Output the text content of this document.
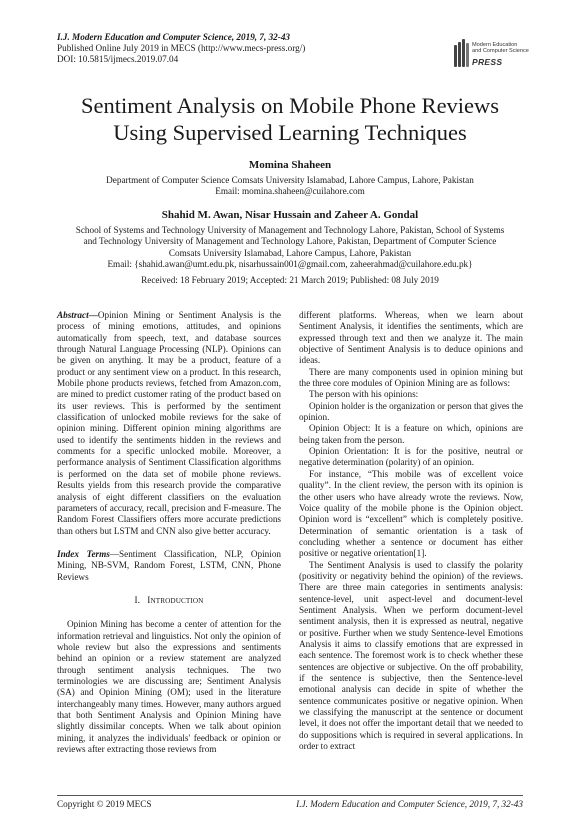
I.J. Modern Education and Computer Science, 2019, 7, 32-43
Published Online July 2019 in MECS (http://www.mecs-press.org/)
DOI: 10.5815/ijmecs.2019.07.04
Modern Education
and Computer Science
PRESS
Sentiment Analysis on Mobile Phone Reviews
Using Supervised Learning Techniques
Momina Shaheen
Department of Computer Science Comsats University Islamabad, Lahore Campus, Lahore, Pakistan
Email: momina.shaheen@cuilahore.com
Shahid M. Awan, Nisar Hussain and Zaheer A. Gondal
School of Systems and Technology University of Management and Technology Lahore, Pakistan, School of Systems
and Technology University of Management and Technology Lahore, Pakistan, Department of Computer Science
Comsats University Islamabad, Lahore Campus, Lahore, Pakistan
Email: {shahid.awan@umt.edu.pk, nisarhussain001@gmail.com, zaheerahmad@cuilahore.edu.pk}
Received: 18 February 2019; Accepted: 21 March 2019; Published: 08 July 2019

Abstract—Opinion Mining or Sentiment Analysis is the process of mining emotions, attitudes, and opinions automatically from speech, text, and database sources through Natural Language Processing (NLP). Opinions can be given on anything. It may be a product, feature of a product or any sentiment view on a product. In this research, Mobile phone products reviews, fetched from Amazon.com, are mined to predict customer rating of the product based on its user reviews. This is performed by the sentiment classification of unlocked mobile reviews for the sake of opinion mining. Different opinion mining algorithms are used to identify the sentiments hidden in the reviews and comments for a specific unlocked mobile. Moreover, a performance analysis of Sentiment Classification algorithms is performed on the data set of mobile phone reviews. Results yields from this research provide the comparative analysis of eight different classifiers on the evaluation parameters of accuracy, recall, precision and F-measure. The Random Forest Classifiers offers more accurate predictions than others but LSTM and CNN also give better accuracy.

Index Terms—Sentiment Classification, NLP, Opinion Mining, NB-SVM, Random Forest, LSTM, CNN, Phone Reviews

I. INTRODUCTION

Opinion Mining has become a center of attention for the information retrieval and linguistics. Not only the opinion of whole review but also the expressions and sentiments behind an opinion or a review statement are analyzed through sentiment analysis techniques. The two terminologies we are discussing are; Sentiment Analysis (SA) and Opinion Mining (OM); used in the literature interchangeably many times. However, many authors argued that both Sentiment Analysis and Opinion Mining have slightly dissimilar concepts. When we talk about opinion mining, it analyzes the individuals' feedback or opinion or reviews after extracting those reviews from

different platforms. Whereas, when we learn about Sentiment Analysis, it identifies the sentiments, which are expressed through text and then we analyze it. The main objective of Sentiment Analysis is to deduce opinions and ideas.

There are many components used in opinion mining but the three core modules of Opinion Mining are as follows:

The person with his opinions:

Opinion holder is the organization or person that gives the opinion.

Opinion Object: It is a feature on which, opinions are being taken from the person.

Opinion Orientation: It is for the positive, neutral or negative determination (polarity) of an opinion.

For instance, “This mobile was of excellent voice quality”. In the client review, the person with its opinion is the other users who have already wrote the reviews. Now, Voice quality of the mobile phone is the Opinion object. Opinion word is “excellent” which is completely positive. Determination of semantic orientation is a task of concluding whether a sentence or document has either positive or negative orientation[1].

The Sentiment Analysis is used to classify the polarity (positivity or negativity behind the opinion) of the reviews. There are three main categories in sentiments analysis: sentence-level, unit aspect-level and document-level Sentiment Analysis. When we perform document-level sentiment analysis, then it is expressed as neutral, negative or positive. Further when we study Sentence-level Emotions Analysis it aims to classify emotions that are expressed in each sentence. The foremost work is to check whether these sentences are objective or subjective. On the off probability, if the sentence is subjective, then the Sentence-level emotional analysis can decide in spite of whether the sentence communicates positive or negative opinion. When we classifying the manuscript at the sentence or document level, it does not offer the important detail that we needed to do suppositions which is required in several applications. In order to extract

Copyright © 2019 MECS	I.J. Modern Education and Computer Science, 2019, 7, 32-43
